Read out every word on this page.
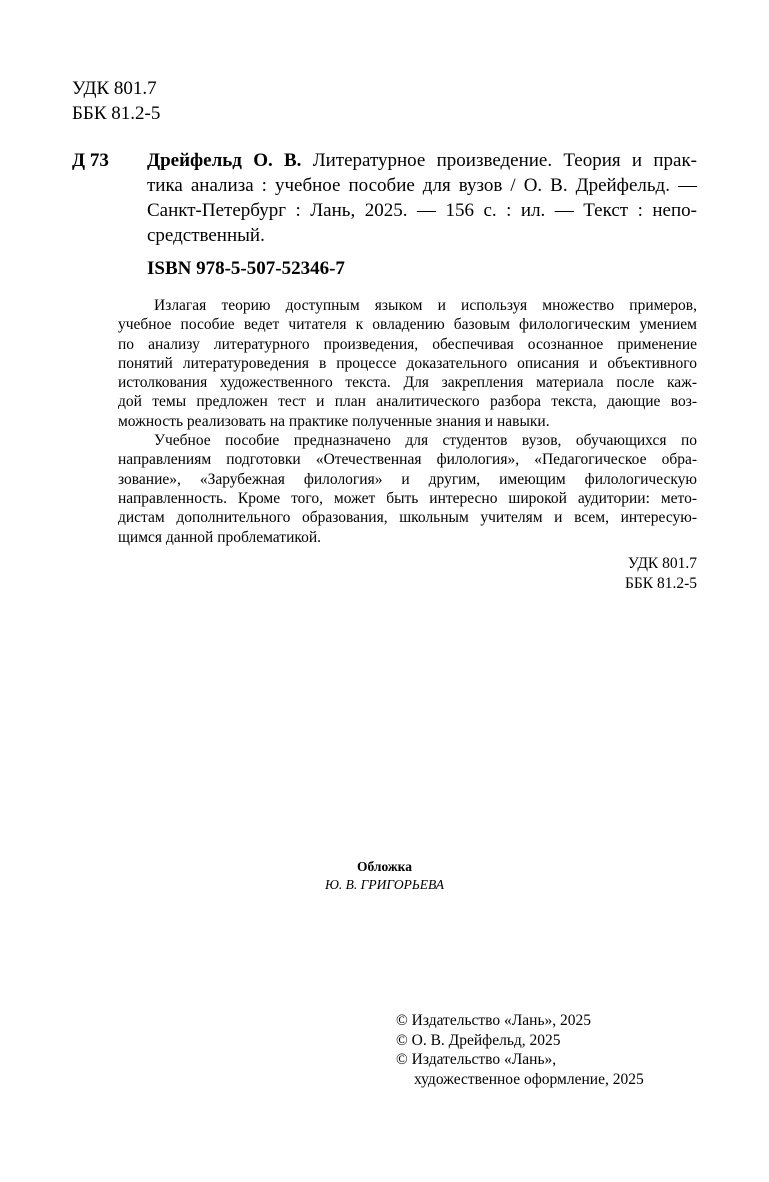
УДК 801.7
ББК 81.2-5
Д 73 Дрейфельд О. В. Литературное произведение. Теория и прак-
тика анализа : учебное пособие для вузов / О. В. Дрейфельд. —
Санкт-Петербург : Лань, 2025. — 156 с. : ил. — Текст : непо-
средственный.
ISBN 978-5-507-52346-7
Излагая теорию доступным языком и используя множество примеров,
учебное пособие ведет читателя к овладению базовым филологическим умением
по анализу литературного произведения, обеспечивая осознанное применение
понятий литературоведения в процессе доказательного описания и объективного
истолкования художественного текста. Для закрепления материала после каж-
дой темы предложен тест и план аналитического разбора текста, дающие воз-
можность реализовать на практике полученные знания и навыки.
Учебное пособие предназначено для студентов вузов, обучающихся по
направлениям подготовки «Отечественная филология», «Педагогическое обра-
зование», «Зарубежная филология» и другим, имеющим филологическую
направленность. Кроме того, может быть интересно широкой аудитории: мето-
дистам дополнительного образования, школьным учителям и всем, интересую-
щимся данной проблематикой.
УДК 801.7
ББК 81.2-5
Обложка
Ю. В. ГРИГОРЬЕВА
© Издательство «Лань», 2025
© О. В. Дрейфельд, 2025
© Издательство «Лань»,
художественное оформление, 2025
